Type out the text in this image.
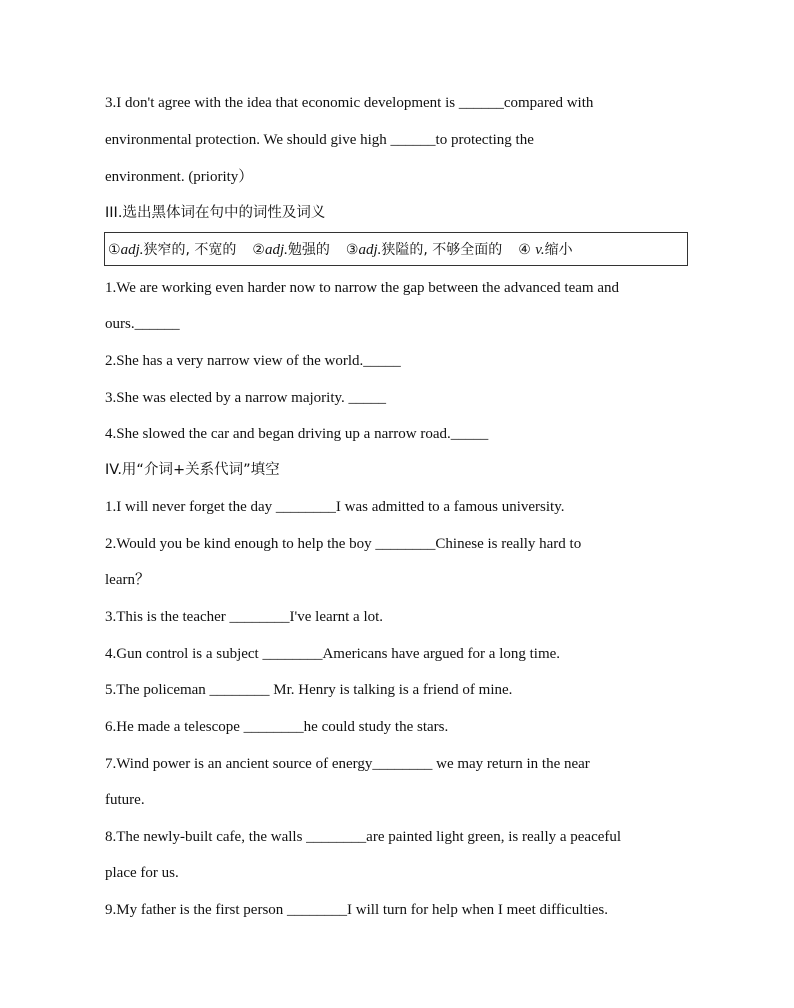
3.I don't agree with the idea that economic development is ______compared with
environmental protection. We should give high ______to protecting the
environment. (priority）
III.选出黑体词在句中的词性及词义
①adj.狭窄的, 不宽的 ②adj.勉强的 ③adj.狭隘的, 不够全面的 ④ v.缩小
1.We are working even harder now to narrow the gap between the advanced team and
ours.______
2.She has a very narrow view of the world._____
3.She was elected by a narrow majority. _____
4.She slowed the car and began driving up a narrow road._____
IV.用“介词+关系代词”填空
1.I will never forget the day ________I was admitted to a famous university.
2.Would you be kind enough to help the boy ________Chinese is really hard to
learn？
3.This is the teacher ________I've learnt a lot.
4.Gun control is a subject ________Americans have argued for a long time.
5.The policeman ________ Mr. Henry is talking is a friend of mine.
6.He made a telescope ________he could study the stars.
7.Wind power is an ancient source of energy________ we may return in the near
future.
8.The newly-built cafe, the walls ________are painted light green, is really a peaceful
place for us.
9.My father is the first person ________I will turn for help when I meet difficulties.
